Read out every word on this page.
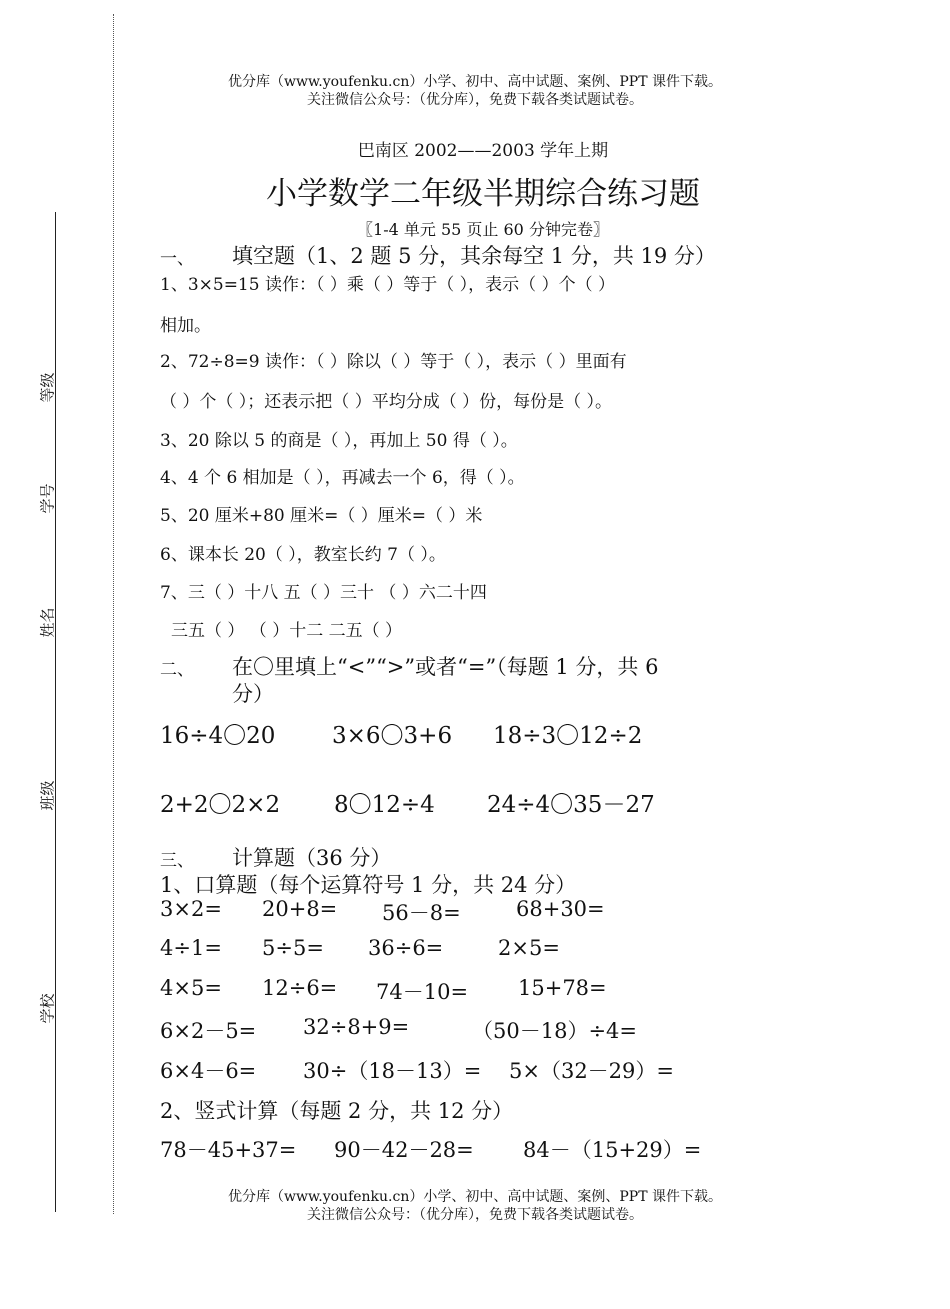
优分库（www.youfenku.cn）小学、初中、高中试题、案例、PPT 课件下载。
关注微信公众号：（优分库），免费下载各类试题试卷。
等级
学号
姓名
班级
学校
巴南区 2002——2003 学年上期
小学数学二年级半期综合练习题
〖1-4 单元 55 页止 60 分钟完卷〗
一、 填空题（1、2 题 5 分，其余每空 1 分，共 19 分）
1、3×5=15 读作：（ ）乘（ ）等于（ ），表示（ ）个（ ）
相加。
2、72÷8=9 读作：（ ）除以（ ）等于（ ），表示（ ）里面有
（ ）个（ ）；还表示把（ ）平均分成（ ）份，每份是（ ）。
3、20 除以 5 的商是（ ），再加上 50 得（ ）。
4、4 个 6 相加是（ ），再减去一个 6，得（ ）。
5、20 厘米+80 厘米=（ ）厘米=（ ）米
6、课本长 20（ ），教室长约 7（ ）。
7、三（ ）十八 五（ ）三十 （ ）六二十四
三五（ ） （ ）十二 二五（ ）
二、 在〇里填上“<”“>”或者“=”（每题 1 分，共 6
分）
16÷4〇20 3×6〇3+6 18÷3〇12÷2
2+2〇2×2 8〇12÷4 24÷4〇35－27
三、 计算题（36 分）
1、口算题（每个运算符号 1 分，共 24 分）
3×2= 20+8= 56－8=	68+30=
4÷1= 5÷5= 36÷6=	2×5=
4×5= 12÷6= 74－10= 15+78=
6×2－5= 32÷8+9=	（50－18）÷4=
6×4－6= 30÷（18－13）= 5×（32－29）=
2、竖式计算（每题 2 分，共 12 分）
78－45+37= 90－42－28= 84－（15+29）=
优分库（www.youfenku.cn）小学、初中、高中试题、案例、PPT 课件下载。
关注微信公众号：（优分库），免费下载各类试题试卷。
